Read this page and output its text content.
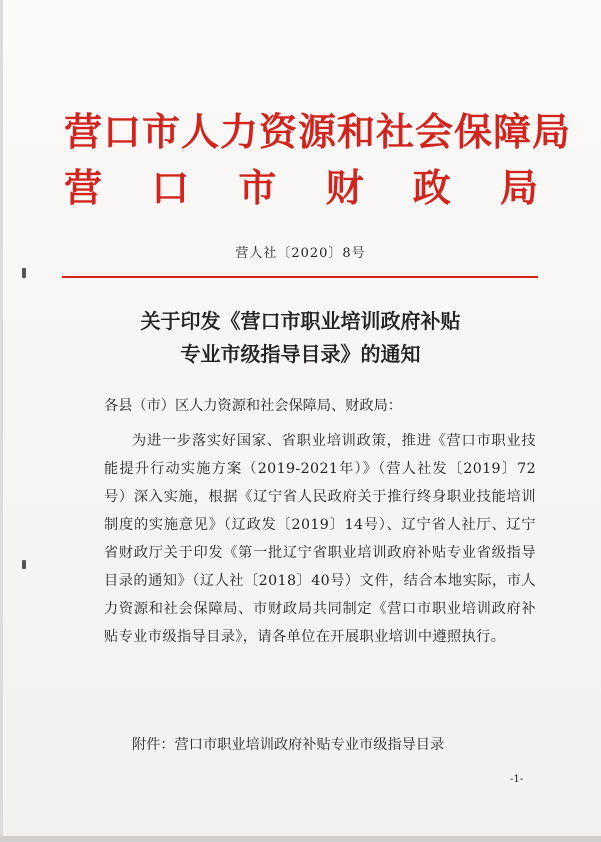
营口市人力资源和社会保障局
营 口 市 财 政 局
营人社〔2020〕8号
关于印发《营口市职业培训政府补贴
专业市级指导目录》的通知
各县（市）区人力资源和社会保障局、财政局：
为进一步落实好国家、省职业培训政策，推进《营口市职业技能提升行动实施方案（2019-2021年）》（营人社发〔2019〕72号）深入实施，根据《辽宁省人民政府关于推行终身职业技能培训制度的实施意见》（辽政发〔2019〕14号）、辽宁省人社厅、辽宁省财政厅关于印发《第一批辽宁省职业培训政府补贴专业省级指导目录的通知》（辽人社〔2018〕40号）文件，结合本地实际，市人力资源和社会保障局、市财政局共同制定《营口市职业培训政府补贴专业市级指导目录》，请各单位在开展职业培训中遵照执行。
附件：营口市职业培训政府补贴专业市级指导目录
-1-
